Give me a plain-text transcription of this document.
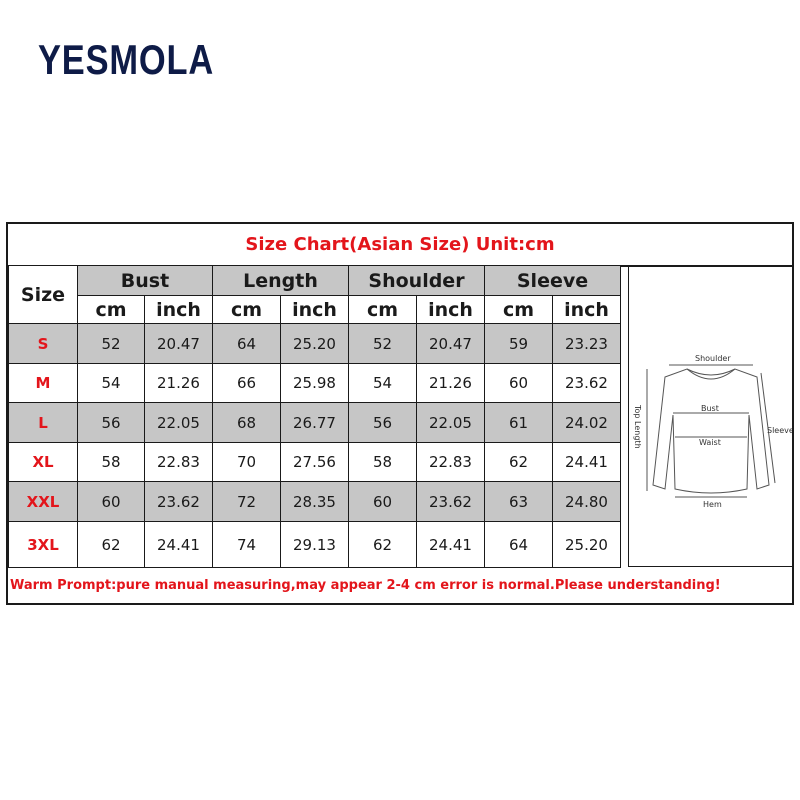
YESMOLA
Size Chart(Asian Size) Unit:cm
Size	Bust		Length		Shoulder		Sleeve	
	cm	inch	cm	inch	cm	inch	cm	inch
S	52	20.47	64	25.20	52	20.47	59	23.23
M	54	21.26	66	25.98	54	21.26	60	23.62
L	56	22.05	68	26.77	56	22.05	61	24.02
XL	58	22.83	70	27.56	58	22.83	62	24.41
XXL	60	23.62	72	28.35	60	23.62	63	24.80
3XL	62	24.41	74	29.13	62	24.41	64	25.20
Shoulder
Bust
Waist
Hem
Top Length	Sleeve
Warm Prompt:pure manual measuring,may appear 2-4 cm error is normal.Please understanding!
